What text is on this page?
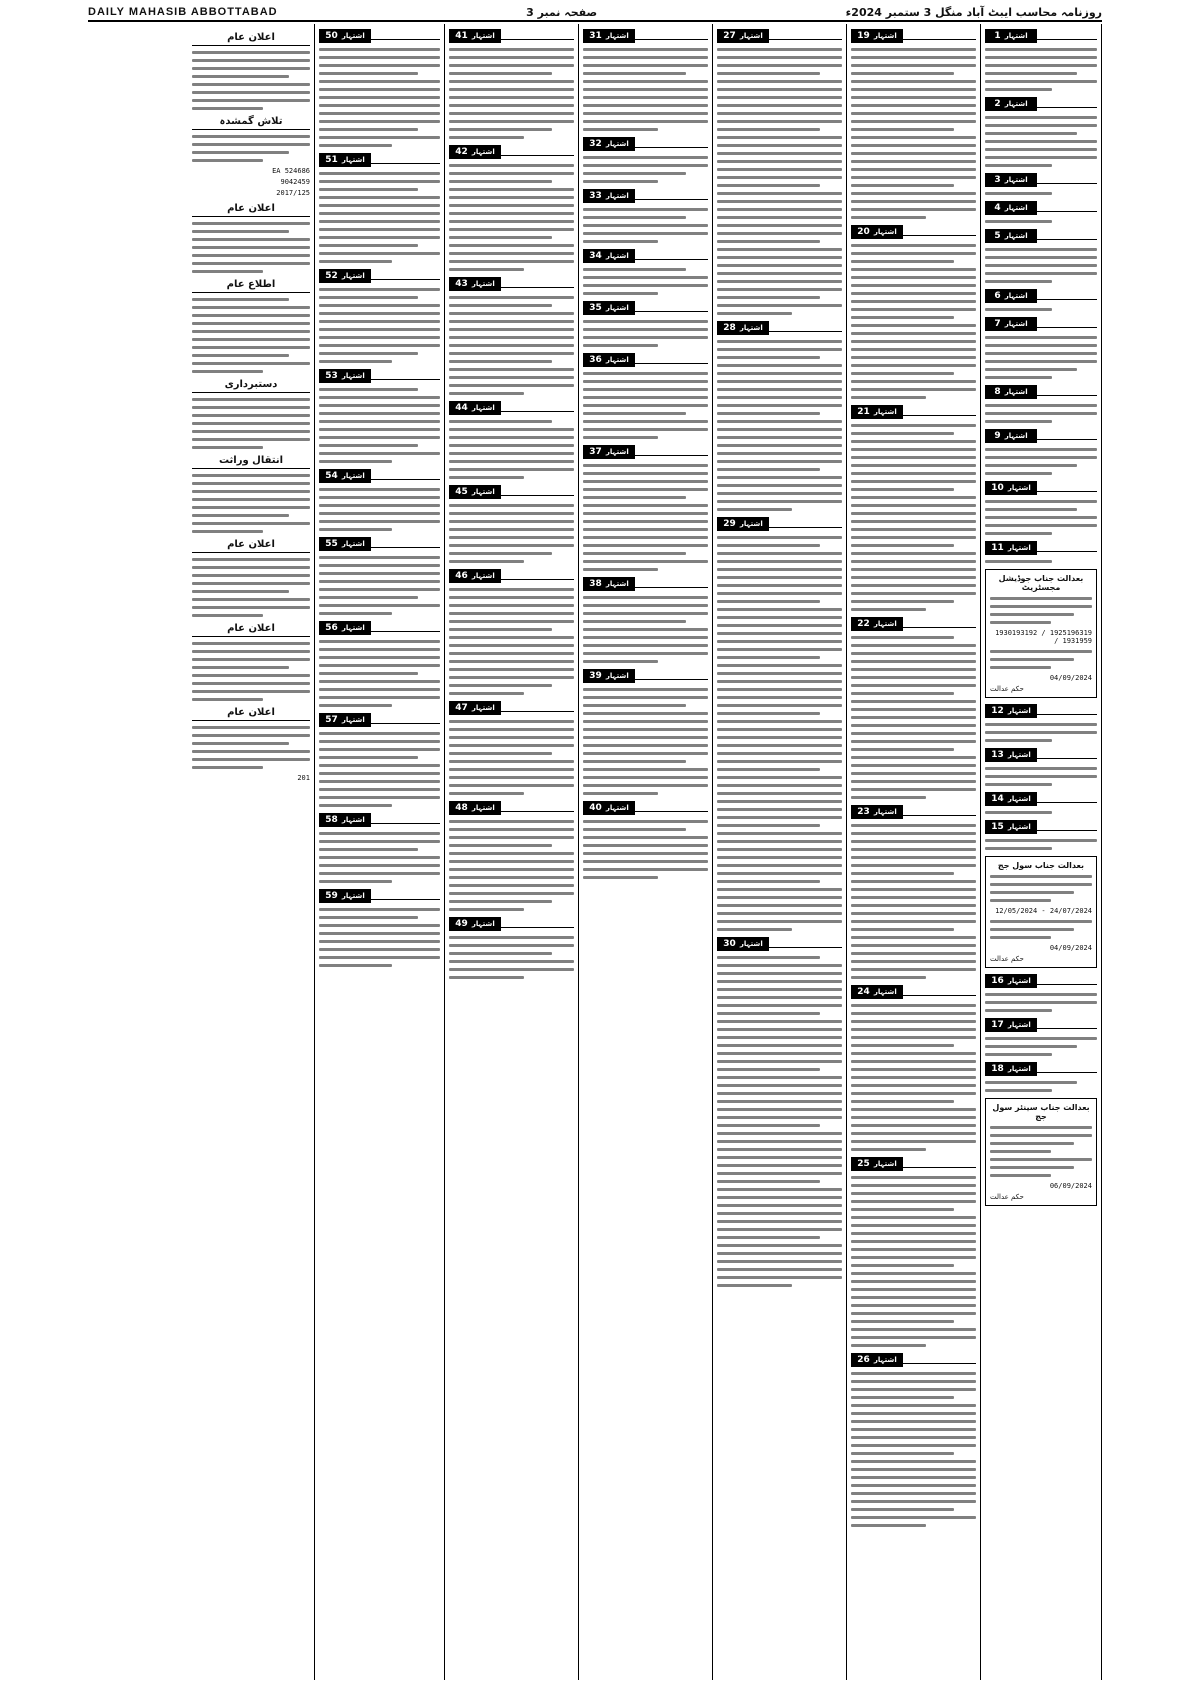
DAILY MAHASIB ABBOTTABAD	صفحہ نمبر 3	روزنامہ محاسب ایبٹ آباد منگل 3 ستمبر 2024ء
اشتہار
1
اشتہار
2
اشتہار
3
اشتہار
4
اشتہار
5
اشتہار
6
اشتہار
7
اشتہار
8
اشتہار
9
اشتہار
10
اشتہار
11
بعدالت جناب جوڈیشل مجسٹریٹ
1930193192 / 1925196319 / 1931959
04/09/2024
حکم عدالت
اشتہار
12
اشتہار
13
اشتہار
14
اشتہار
15
بعدالت جناب سول جج
12/05/2024 - 24/07/2024
04/09/2024
حکم عدالت
اشتہار
16
اشتہار
17
اشتہار
18
بعدالت جناب سینئر سول جج
06/09/2024
حکم عدالت
اشتہار
19
اشتہار
20
اشتہار
21
اشتہار
22
اشتہار
23
اشتہار
24
اشتہار
25
اشتہار
26
اشتہار
27
اشتہار
28
اشتہار
29
اشتہار
30
اشتہار
31
اشتہار
32
اشتہار
33
اشتہار
34
اشتہار
35
اشتہار
36
اشتہار
37
اشتہار
38
اشتہار
39
اشتہار
40
اشتہار
41
اشتہار
42
اشتہار
43
اشتہار
44
اشتہار
45
اشتہار
46
اشتہار
47
اشتہار
48
اشتہار
49
اشتہار
50
اشتہار
51
اشتہار
52
اشتہار
53
اشتہار
54
اشتہار
55
اشتہار
56
اشتہار
57
اشتہار
58
اشتہار
59
اعلان عام
تلاش گمشدہ
EA 524686
9042459
2017/125
اعلان عام
اطلاع عام
دستبرداری
انتقال وراثت
اعلان عام
اعلان عام
اعلان عام
201
